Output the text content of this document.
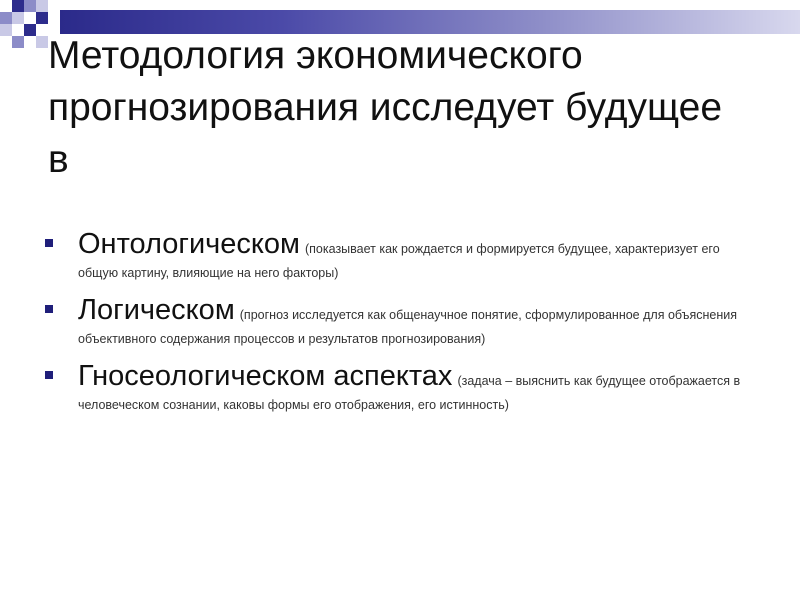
Методология экономического прогнозирования исследует будущее в
Онтологическом (показывает как рождается и формируется будущее, характеризует его общую картину, влияющие на него факторы)
Логическом (прогноз исследуется как общенаучное понятие, сформулированное для объяснения объективного содержания процессов и результатов прогнозирования)
Гносеологическом аспектах (задача – выяснить как будущее отображается в человеческом сознании, каковы формы его отображения, его истинность)
